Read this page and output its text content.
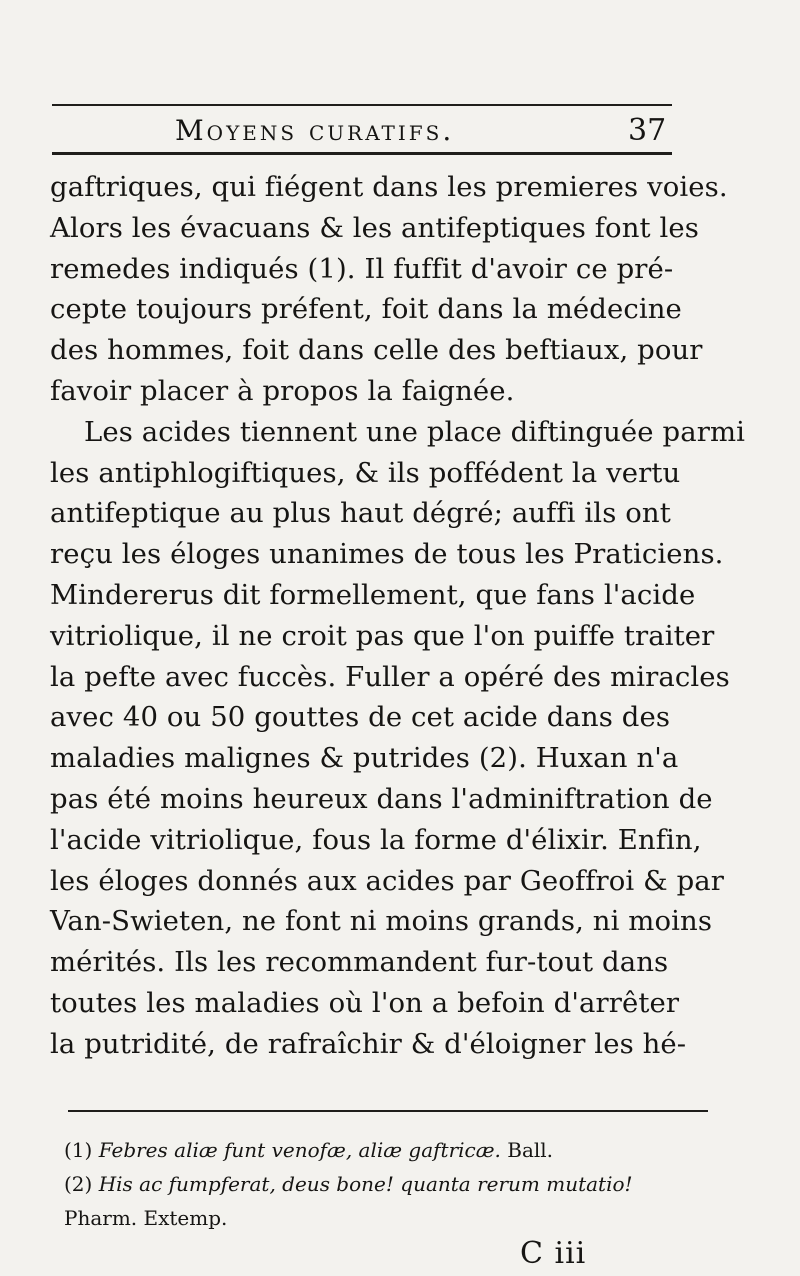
Moyens curatifs.	37
gaftriques, qui fiégent dans les premieres voies.
Alors les évacuans & les antifeptiques font les
remedes indiqués (1). Il fuffit d'avoir ce pré-
cepte toujours préfent, foit dans la médecine
des hommes, foit dans celle des beftiaux, pour
favoir placer à propos la faignée.
Les acides tiennent une place diftinguée parmi
les antiphlogiftiques, & ils poffédent la vertu
antifeptique au plus haut dégré; auffi ils ont
reçu les éloges unanimes de tous les Praticiens.
Mindererus dit formellement, que fans l'acide
vitriolique, il ne croit pas que l'on puiffe traiter
la pefte avec fuccès. Fuller a opéré des miracles
avec 40 ou 50 gouttes de cet acide dans des
maladies malignes & putrides (2). Huxan n'a
pas été moins heureux dans l'adminiftration de
l'acide vitriolique, fous la forme d'élixir. Enfin,
les éloges donnés aux acides par Geoffroi & par
Van-Swieten, ne font ni moins grands, ni moins
mérités. Ils les recommandent fur-tout dans
toutes les maladies où l'on a befoin d'arrêter
la putridité, de rafraîchir & d'éloigner les hé-
(1) Febres aliæ funt venofæ, aliæ gaftricæ. Ball.
(2) His ac fumpferat, deus bone! quanta rerum mutatio!
Pharm. Extemp.
C iii
